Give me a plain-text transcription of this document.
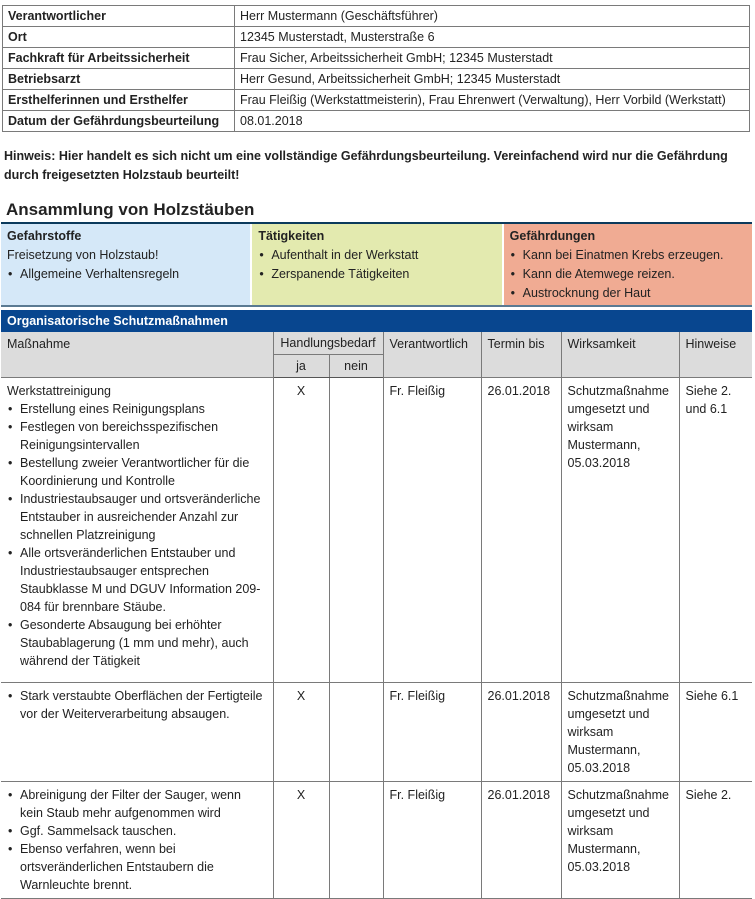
Verantwortlicher	Herr Mustermann (Geschäftsführer)
Ort	12345 Musterstadt, Musterstraße 6
Fachkraft für Arbeitssicherheit	Frau Sicher, Arbeitssicherheit GmbH; 12345 Musterstadt
Betriebsarzt	Herr Gesund, Arbeitssicherheit GmbH; 12345 Musterstadt
Ersthelferinnen und Ersthelfer	Frau Fleißig (Werkstattmeisterin), Frau Ehrenwert (Verwaltung), Herr Vorbild (Werkstatt)
Datum der Gefährdungsbeurteilung	08.01.2018
Hinweis: Hier handelt es sich nicht um eine vollständige Gefährdungsbeurteilung. Vereinfachend wird nur die Gefährdung durch freigesetzten Holzstaub beurteilt!
Ansammlung von Holzstäuben
Gefahrstoffe
Freisetzung von Holzstaub!
• Allgemeine Verhaltensregeln
Tätigkeiten
• Aufenthalt in der Werkstatt
• Zerspanende Tätigkeiten
Gefährdungen
• Kann bei Einatmen Krebs erzeugen.
• Kann die Atemwege reizen.
• Austrocknung der Haut
Organisatorische Schutzmaßnahmen
Maßnahme	Handlungsbedarf		Verantwortlich	Termin bis	Wirksamkeit	Hinweise
	ja	nein				

Werkstattreinigung
• Erstellung eines Reinigungsplans
• Festlegen von bereichsspezifischen Reinigungsintervallen
• Bestellung zweier Verantwortlicher für die Koordinierung und Kontrolle
• Industriestaubsauger und ortsveränderliche Entstauber in ausreichender Anzahl zur schnellen Platzreinigung
• Alle ortsveränderlichen Entstauber und Industriestaubsauger entsprechen Staubklasse M und DGUV Information 209-084 für brennbare Stäube.
• Gesonderte Absaugung bei erhöhter Staubablagerung (1 mm und mehr), auch während der Tätigkeit
	X		Fr. Fleißig	26.01.2018	Schutzmaßnahme umgesetzt und wirksam Mustermann, 05.03.2018	Siehe 2. und 6.1

• Stark verstaubte Oberflächen der Fertigteile vor der Weiterverarbeitung absaugen.
	X		Fr. Fleißig	26.01.2018	Schutzmaßnahme umgesetzt und wirksam Mustermann, 05.03.2018	Siehe 6.1

• Abreinigung der Filter der Sauger, wenn kein Staub mehr aufgenommen wird
• Ggf. Sammelsack tauschen.
• Ebenso verfahren, wenn bei ortsveränderlichen Entstaubern die Warnleuchte brennt.
	X		Fr. Fleißig	26.01.2018	Schutzmaßnahme umgesetzt und wirksam Mustermann, 05.03.2018	Siehe 2.
